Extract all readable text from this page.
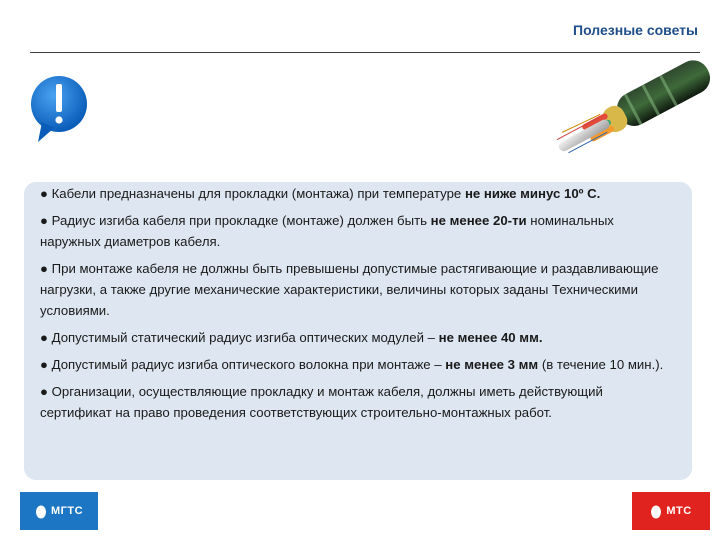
Полезные советы

● Кабели предназначены для прокладки (монтажа) при температуре не ниже минус 10º С.

● Радиус изгиба кабеля при прокладке (монтаже) должен быть не менее 20-ти номинальных наружных диаметров кабеля.

● При монтаже кабеля не должны быть превышены допустимые растягивающие и раздавливающие нагрузки, а также другие механические характеристики, величины которых заданы Техническими условиями.

● Допустимый статический радиус изгиба оптических модулей – не менее 40 мм.

● Допустимый радиус изгиба оптического волокна при монтаже – не менее 3 мм (в течение 10 мин.).

● Организации, осуществляющие прокладку и монтаж кабеля, должны иметь действующий сертификат на право проведения соответствующих строительно-монтажных работ.

МГТС	МТС
